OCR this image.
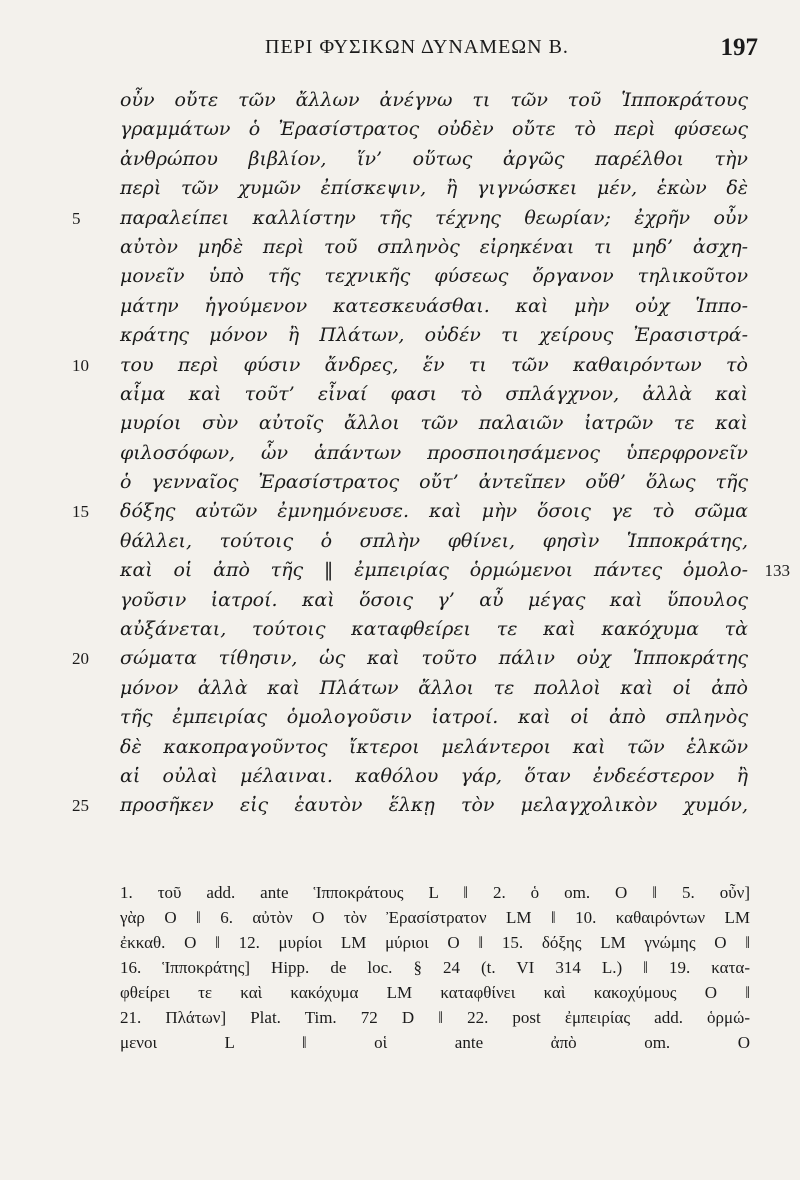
ΠΕΡΙ ΦΥΣΙΚΩΝ ΔΥΝΑΜΕΩΝ Β.	197
οὖν οὔτε τῶν ἄλλων ἀνέγνω τι τῶν τοῦ Ἱπποκράτους
γραμμάτων ὁ Ἐρασίστρατος οὐδὲν οὔτε τὸ περὶ φύσεως
ἀνθρώπου βιβλίον, ἵν’ οὕτως ἀργῶς παρέλθοι τὴν
περὶ τῶν χυμῶν ἐπίσκεψιν, ἢ γιγνώσκει μέν, ἑκὼν δὲ
5	παραλείπει καλλίστην τῆς τέχνης θεωρίαν; ἐχρῆν οὖν
αὐτὸν μηδὲ περὶ τοῦ σπληνὸς εἰρηκέναι τι μηδ’ ἀσχη-
μονεῖν ὑπὸ τῆς τεχνικῆς φύσεως ὄργανον τηλικοῦτον
μάτην ἡγούμενον κατεσκευάσθαι. καὶ μὴν οὐχ Ἱππο-
κράτης μόνον ἢ Πλάτων, οὐδέν τι χείρους Ἐρασιστρά-
10	του περὶ φύσιν ἄνδρες, ἕν τι τῶν καθαιρόντων τὸ
αἷμα καὶ τοῦτ’ εἶναί φασι τὸ σπλάγχνον, ἀλλὰ καὶ
μυρίοι σὺν αὐτοῖς ἄλλοι τῶν παλαιῶν ἰατρῶν τε καὶ
φιλοσόφων, ὧν ἁπάντων προσποιησάμενος ὑπερφρονεῖν
ὁ γενναῖος Ἐρασίστρατος οὔτ’ ἀντεῖπεν οὔθ’ ὅλως τῆς
15	δόξης αὐτῶν ἐμνημόνευσε. καὶ μὴν ὅσοις γε τὸ σῶμα
θάλλει, τούτοις ὁ σπλὴν φθίνει, φησὶν Ἱπποκράτης,
καὶ οἱ ἀπὸ τῆς ‖ ἐμπειρίας ὁρμώμενοι πάντες ὁμολο- 133
γοῦσιν ἰατροί. καὶ ὅσοις γ’ αὖ μέγας καὶ ὕπουλος
αὐξάνεται, τούτοις καταφθείρει τε καὶ κακόχυμα τὰ
20	σώματα τίθησιν, ὡς καὶ τοῦτο πάλιν οὐχ Ἱπποκράτης
μόνον ἀλλὰ καὶ Πλάτων ἄλλοι τε πολλοὶ καὶ οἱ ἀπὸ
τῆς ἐμπειρίας ὁμολογοῦσιν ἰατροί. καὶ οἱ ἀπὸ σπληνὸς
δὲ κακοπραγοῦντος ἴκτεροι μελάντεροι καὶ τῶν ἑλκῶν
αἱ οὐλαὶ μέλαιναι. καθόλου γάρ, ὅταν ἐνδεέστερον ἢ
25	προσῆκεν εἰς ἑαυτὸν ἕλκῃ τὸν μελαγχολικὸν χυμόν,
1. τοῦ add. ante Ἱπποκράτους L ‖ 2. ὁ om. O ‖ 5. οὖν]
γὰρ O ‖ 6. αὐτὸν O τὸν Ἐρασίστρατον LM ‖ 10. καθαιρόντων LM
ἐκκαθ. O ‖ 12. μυρίοι LM μύριοι O ‖ 15. δόξης LM γνώμης O ‖
16. Ἱπποκράτης] Hipp. de loc. § 24 (t. VI 314 L.) ‖ 19. κατα-
φθείρει τε καὶ κακόχυμα LM καταφθίνει καὶ κακοχύμους O ‖
21. Πλάτων] Plat. Tim. 72 D ‖ 22. post ἐμπειρίας add. ὁρμώ-
μενοι L ‖ οἱ ante ἀπὸ om. O
